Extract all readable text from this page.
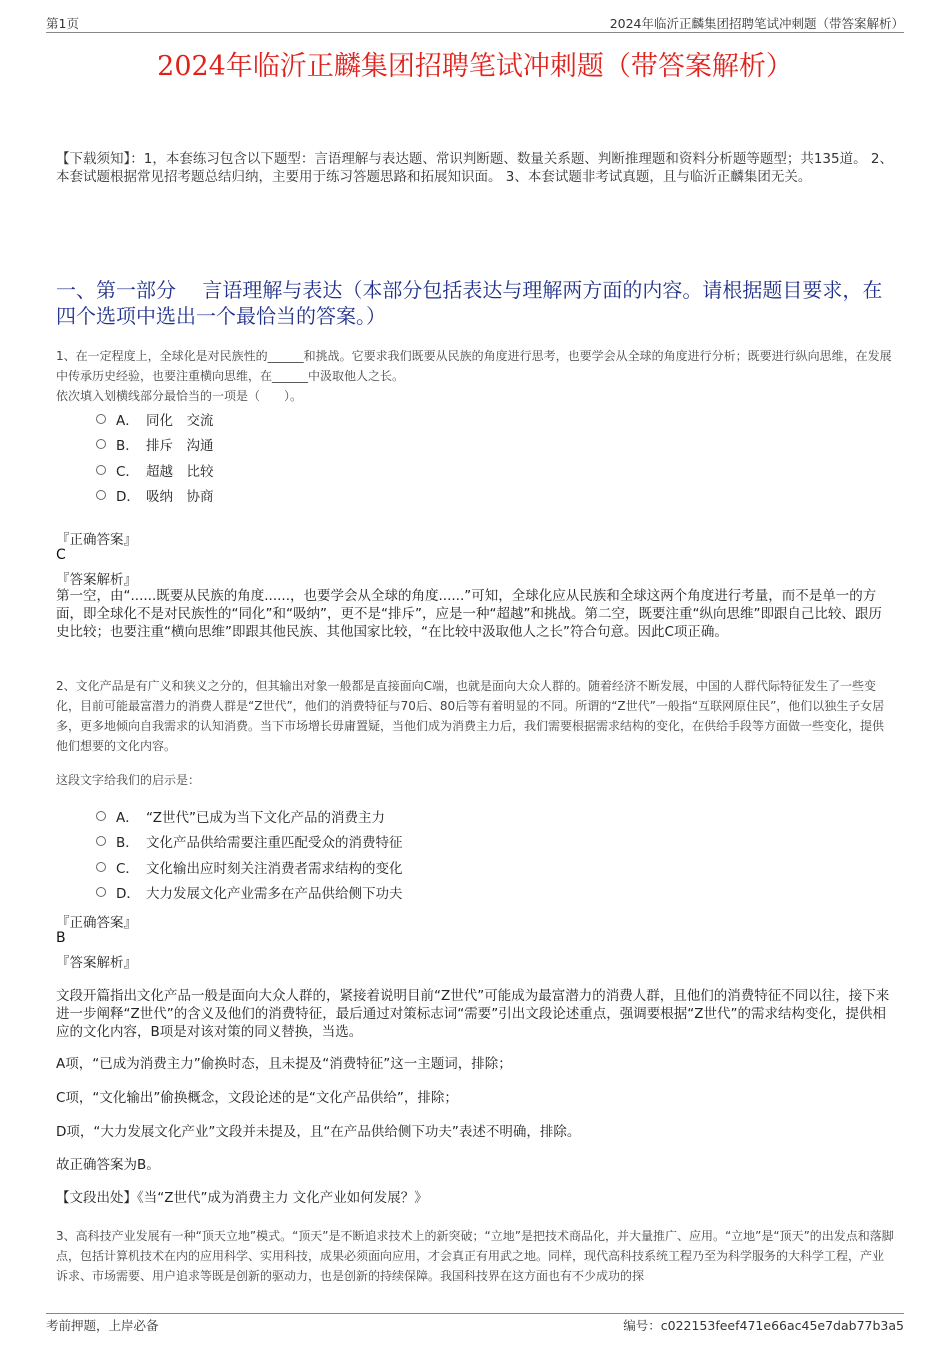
第1页	2024年临沂正麟集团招聘笔试冲刺题（带答案解析）
2024年临沂正麟集团招聘笔试冲刺题（带答案解析）

【下载须知】：1，本套练习包含以下题型：言语理解与表达题、常识判断题、数量关系题、判断推理题和资料分析题等题型；共135道。 2、本套试题根据常见招考题总结归纳，主要用于练习答题思路和拓展知识面。 3、本套试题非考试真题，且与临沂正麟集团无关。

一、第一部分　 言语理解与表达（本部分包括表达与理解两方面的内容。请根据题目要求，在四个选项中选出一个最恰当的答案。）

1、在一定程度上，全球化是对民族性的______和挑战。它要求我们既要从民族的角度进行思考，也要学会从全球的角度进行分析；既要进行纵向思维，在发展中传承历史经验，也要注重横向思维，在______中汲取他人之长。

依次填入划横线部分最恰当的一项是（　　）。

A． 同化　交流
B． 排斥　沟通
C． 超越　比较
D． 吸纳　协商
『正确答案』
C
『答案解析』

第一空，由“......既要从民族的角度......，也要学会从全球的角度......”可知，全球化应从民族和全球这两个角度进行考量，而不是单一的方面，即全球化不是对民族性的“同化”和“吸纳”，更不是“排斥”，应是一种“超越”和挑战。第二空，既要注重“纵向思维”即跟自己比较、跟历史比较；也要注重“横向思维”即跟其他民族、其他国家比较，“在比较中汲取他人之长”符合句意。因此C项正确。

2、文化产品是有广义和狭义之分的，但其输出对象一般都是直接面向C端，也就是面向大众人群的。随着经济不断发展，中国的人群代际特征发生了一些变化，目前可能最富潜力的消费人群是“Z世代”，他们的消费特征与70后、80后等有着明显的不同。所谓的“Z世代”一般指“互联网原住民”，他们以独生子女居多，更多地倾向自我需求的认知消费。当下市场增长毋庸置疑，当他们成为消费主力后，我们需要根据需求结构的变化，在供给手段等方面做一些变化，提供他们想要的文化内容。

这段文字给我们的启示是：

A． “Z世代”已成为当下文化产品的消费主力
B． 文化产品供给需要注重匹配受众的消费特征
C． 文化输出应时刻关注消费者需求结构的变化
D． 大力发展文化产业需多在产品供给侧下功夫
『正确答案』
B
『答案解析』

文段开篇指出文化产品一般是面向大众人群的，紧接着说明目前“Z世代”可能成为最富潜力的消费人群，且他们的消费特征不同以往，接下来进一步阐释“Z世代”的含义及他们的消费特征，最后通过对策标志词“需要”引出文段论述重点，强调要根据“Z世代”的需求结构变化，提供相应的文化内容，B项是对该对策的同义替换，当选。

A项，“已成为消费主力”偷换时态，且未提及“消费特征”这一主题词，排除；

C项，“文化输出”偷换概念，文段论述的是“文化产品供给”，排除；

D项，“大力发展文化产业”文段并未提及，且“在产品供给侧下功夫”表述不明确，排除。

故正确答案为B。

【文段出处】《当“Z世代”成为消费主力 文化产业如何发展？》

3、高科技产业发展有一种“顶天立地”模式。“顶天”是不断追求技术上的新突破；“立地”是把技术商品化，并大量推广、应用。“立地”是“顶天”的出发点和落脚点，包括计算机技术在内的应用科学、实用科技，成果必须面向应用，才会真正有用武之地。同样，现代高科技系统工程乃至为科学服务的大科学工程，产业诉求、市场需要、用户追求等既是创新的驱动力，也是创新的持续保障。我国科技界在这方面也有不少成功的探

考前押题，上岸必备	编号：c022153feef471e66ac45e7dab77b3a5
